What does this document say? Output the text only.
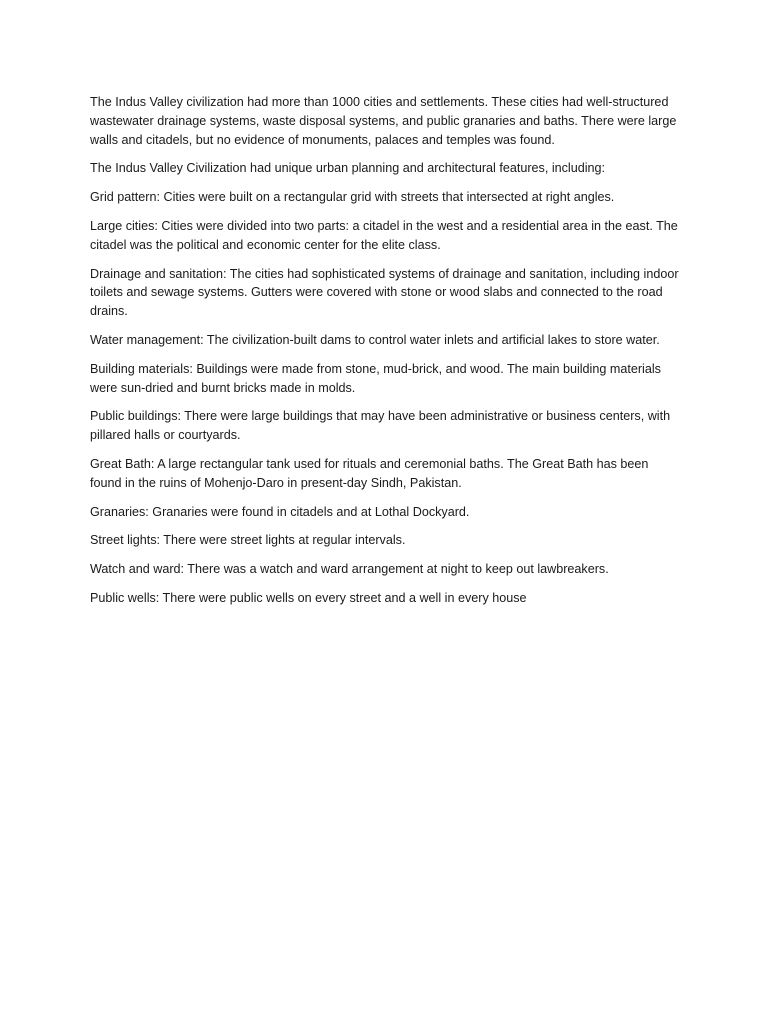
The Indus Valley civilization had more than 1000 cities and settlements. These cities had well-structured wastewater drainage systems, waste disposal systems, and public granaries and baths. There were large walls and citadels, but no evidence of monuments, palaces and temples was found.

The Indus Valley Civilization had unique urban planning and architectural features, including:

Grid pattern: Cities were built on a rectangular grid with streets that intersected at right angles.

Large cities: Cities were divided into two parts: a citadel in the west and a residential area in the east. The citadel was the political and economic center for the elite class.

Drainage and sanitation: The cities had sophisticated systems of drainage and sanitation, including indoor toilets and sewage systems. Gutters were covered with stone or wood slabs and connected to the road drains.

Water management: The civilization-built dams to control water inlets and artificial lakes to store water.

Building materials: Buildings were made from stone, mud-brick, and wood. The main building materials were sun-dried and burnt bricks made in molds.

Public buildings: There were large buildings that may have been administrative or business centers, with pillared halls or courtyards.

Great Bath: A large rectangular tank used for rituals and ceremonial baths. The Great Bath has been found in the ruins of Mohenjo-Daro in present-day Sindh, Pakistan.

Granaries: Granaries were found in citadels and at Lothal Dockyard.

Street lights: There were street lights at regular intervals.

Watch and ward: There was a watch and ward arrangement at night to keep out lawbreakers.

Public wells: There were public wells on every street and a well in every house
